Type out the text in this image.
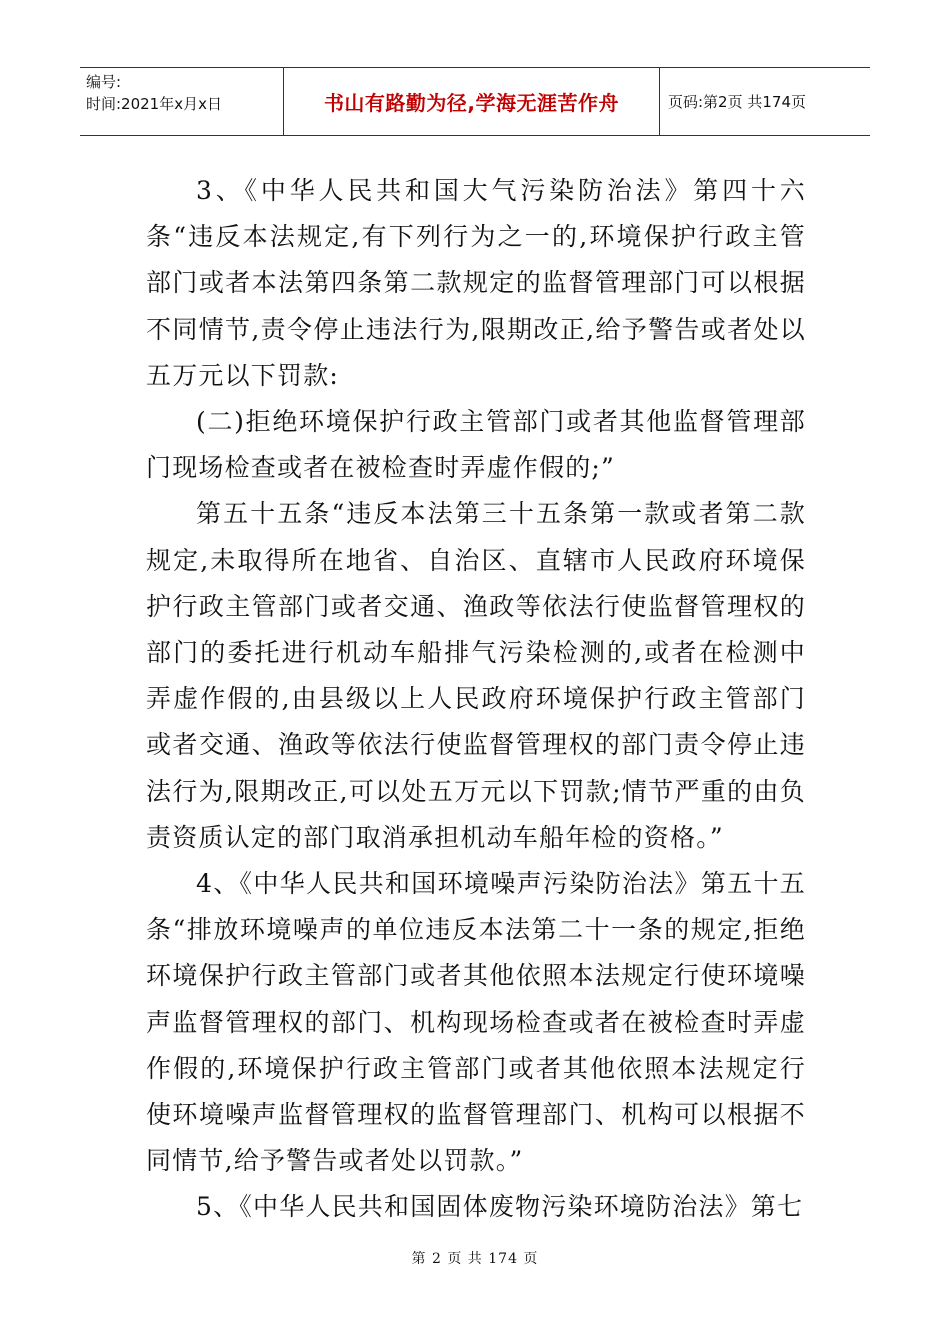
编号:
时间:2021年x月x日	书山有路勤为径,学海无涯苦作舟	页码:第2页 共174页

3、《中华人民共和国大气污染防治法》第四十六条“违反本法规定,有下列行为之一的,环境保护行政主管部门或者本法第四条第二款规定的监督管理部门可以根据不同情节,责令停止违法行为,限期改正,给予警告或者处以五万元以下罚款:

(二)拒绝环境保护行政主管部门或者其他监督管理部门现场检查或者在被检查时弄虚作假的;”

第五十五条“违反本法第三十五条第一款或者第二款规定,未取得所在地省、自治区、直辖市人民政府环境保护行政主管部门或者交通、渔政等依法行使监督管理权的部门的委托进行机动车船排气污染检测的,或者在检测中弄虚作假的,由县级以上人民政府环境保护行政主管部门或者交通、渔政等依法行使监督管理权的部门责令停止违法行为,限期改正,可以处五万元以下罚款;情节严重的由负责资质认定的部门取消承担机动车船年检的资格。”

4、《中华人民共和国环境噪声污染防治法》第五十五条“排放环境噪声的单位违反本法第二十一条的规定,拒绝环境保护行政主管部门或者其他依照本法规定行使环境噪声监督管理权的部门、机构现场检查或者在被检查时弄虚作假的,环境保护行政主管部门或者其他依照本法规定行使环境噪声监督管理权的监督管理部门、机构可以根据不同情节,给予警告或者处以罚款。”

5、《中华人民共和国固体废物污染环境防治法》第七

第 2 页 共 174 页
